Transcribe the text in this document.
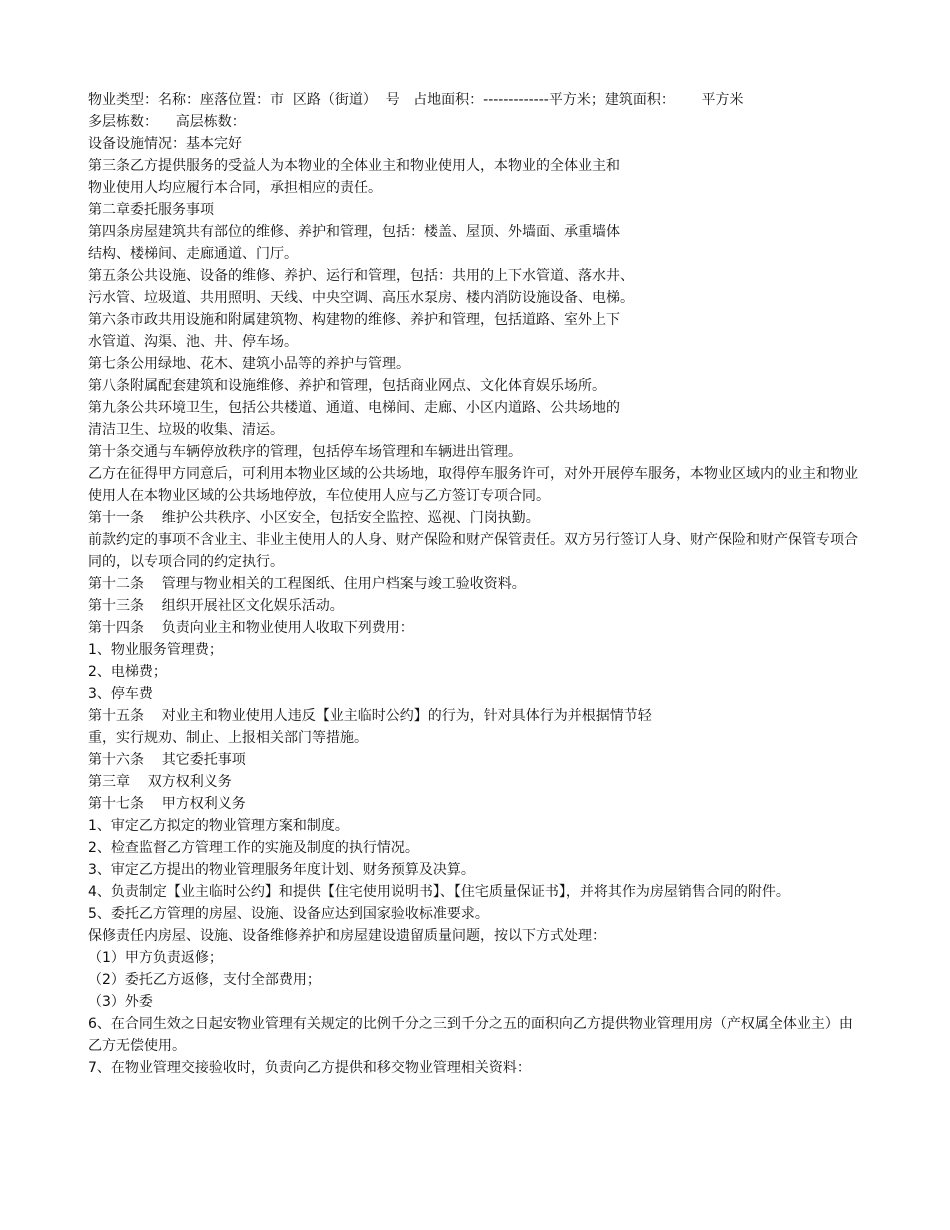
物业类型：名称：座落位置：市  区路（街道）  号   占地面积：-------------平方米；建筑面积：      平方米

多层栋数：    高层栋数：

设备设施情况：基本完好

第三条乙方提供服务的受益人为本物业的全体业主和物业使用人，本物业的全体业主和

物业使用人均应履行本合同，承担相应的责任。

第二章委托服务事项

第四条房屋建筑共有部位的维修、养护和管理，包括：楼盖、屋顶、外墙面、承重墙体

结构、楼梯间、走廊通道、门厅。

第五条公共设施、设备的维修、养护、运行和管理，包括：共用的上下水管道、落水井、

污水管、垃圾道、共用照明、天线、中央空调、高压水泵房、楼内消防设施设备、电梯。

第六条市政共用设施和附属建筑物、构建物的维修、养护和管理，包括道路、室外上下

水管道、沟渠、池、井、停车场。

第七条公用绿地、花木、建筑小品等的养护与管理。

第八条附属配套建筑和设施维修、养护和管理，包括商业网点、文化体育娱乐场所。

第九条公共环境卫生，包括公共楼道、通道、电梯间、走廊、小区内道路、公共场地的

清洁卫生、垃圾的收集、清运。

第十条交通与车辆停放秩序的管理，包括停车场管理和车辆进出管理。

乙方在征得甲方同意后，可利用本物业区域的公共场地，取得停车服务许可，对外开展停车服务，本物业区域内的业主和物业使用人在本物业区域的公共场地停放，车位使用人应与乙方签订专项合同。

第十一条    维护公共秩序、小区安全，包括安全监控、巡视、门岗执勤。

前款约定的事项不含业主、非业主使用人的人身、财产保险和财产保管责任。双方另行签订人身、财产保险和财产保管专项合同的，以专项合同的约定执行。

第十二条    管理与物业相关的工程图纸、住用户档案与竣工验收资料。

第十三条    组织开展社区文化娱乐活动。

第十四条    负责向业主和物业使用人收取下列费用：

1、物业服务管理费；

2、电梯费；

3、停车费

第十五条    对业主和物业使用人违反【业主临时公约】的行为，针对具体行为并根据情节轻

重，实行规劝、制止、上报相关部门等措施。

第十六条    其它委托事项

第三章    双方权利义务

第十七条    甲方权利义务

1、审定乙方拟定的物业管理方案和制度。

2、检查监督乙方管理工作的实施及制度的执行情况。

3、审定乙方提出的物业管理服务年度计划、财务预算及决算。

4、负责制定【业主临时公约】和提供【住宅使用说明书】、【住宅质量保证书】，并将其作为房屋销售合同的附件。

5、委托乙方管理的房屋、设施、设备应达到国家验收标准要求。

保修责任内房屋、设施、设备维修养护和房屋建设遗留质量问题，按以下方式处理：

（1）甲方负责返修；

（2）委托乙方返修，支付全部费用；

（3）外委

6、在合同生效之日起安物业管理有关规定的比例千分之三到千分之五的面积向乙方提供物业管理用房（产权属全体业主）由乙方无偿使用。

7、在物业管理交接验收时，负责向乙方提供和移交物业管理相关资料：
